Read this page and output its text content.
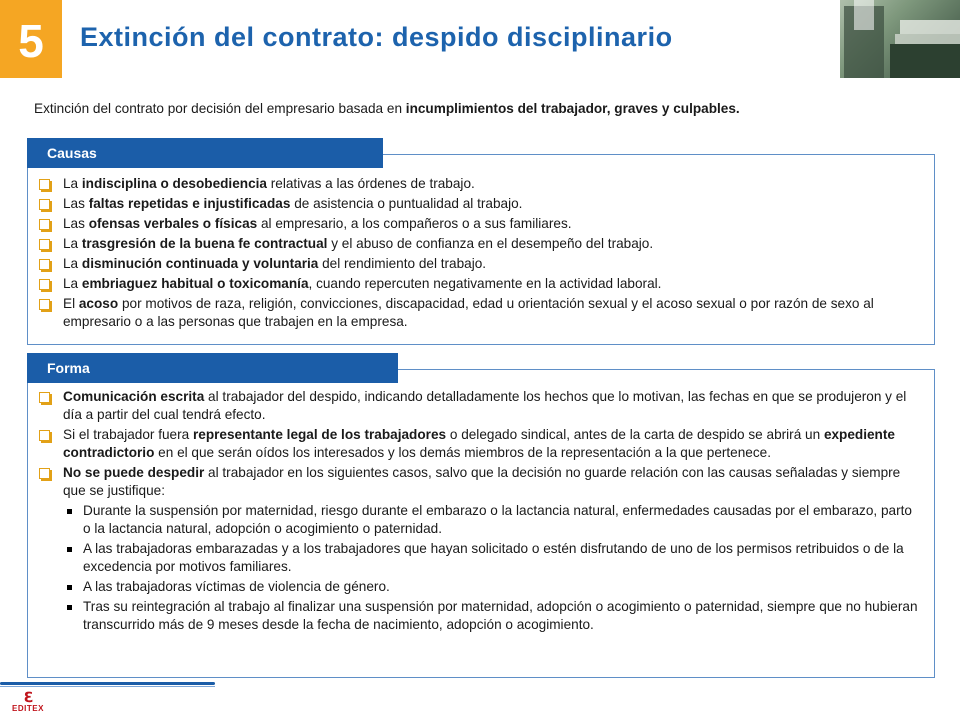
5	Extinción del contrato: despido disciplinario
Extinción del contrato por decisión del empresario basada en incumplimientos del trabajador, graves y culpables.
La indisciplina o desobediencia relativas a las órdenes de trabajo.
Las faltas repetidas e injustificadas de asistencia o puntualidad al trabajo.
Las ofensas verbales o físicas al empresario, a los compañeros o a sus familiares.
La trasgresión de la buena fe contractual y el abuso de confianza en el desempeño del trabajo.
La disminución continuada y voluntaria del rendimiento del trabajo.
La embriaguez habitual o toxicomanía, cuando repercuten negativamente en la actividad laboral.
El acoso por motivos de raza, religión, convicciones, discapacidad, edad u orientación sexual y el acoso sexual o por razón de sexo al empresario o a las personas que trabajen en la empresa.
Causas
Comunicación escrita al trabajador del despido, indicando detalladamente los hechos que lo motivan, las fechas en que se produjeron y el día a partir del cual tendrá efecto.
Si el trabajador fuera representante legal de los trabajadores o delegado sindical, antes de la carta de despido se abrirá un expediente contradictorio en el que serán oídos los interesados y los demás miembros de la representación a la que pertenece.
No se puede despedir al trabajador en los siguientes casos, salvo que la decisión no guarde relación con las causas señaladas y siempre que se justifique:
Durante la suspensión por maternidad, riesgo durante el embarazo o la lactancia natural, enfermedades causadas por el embarazo, parto o la lactancia natural, adopción o acogimiento o paternidad.
A las trabajadoras embarazadas y a los trabajadores que hayan solicitado o estén disfrutando de uno de los permisos retribuidos o de la excedencia por motivos familiares.
A las trabajadoras víctimas de violencia de género.
Tras su reintegración al trabajo al finalizar una suspensión por maternidad, adopción o acogimiento o paternidad, siempre que no hubieran transcurrido más de 9 meses desde la fecha de nacimiento, adopción o acogimiento.
Forma
ℇ
EDITEX
